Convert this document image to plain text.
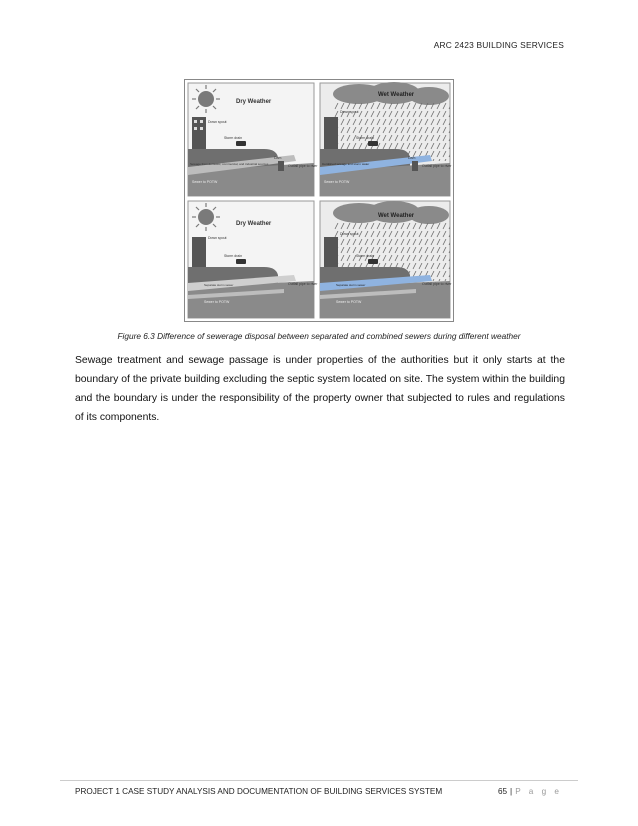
ARC 2423 BUILDING SERVICES
Dry Weather
Down spout
Storm drain
Sewage from domestic, commercial, and industrial sources
Dam
Outfall pipe to river
Sewer to POTW
Wet Weather
Down spout
Storm drain
Combined sewage and storm water
Dam
Outfall pipe to river
Sewer to POTW
Dry Weather
Down spout
Storm drain
Separate storm sewer	Outfall pipe to river
Sewer to POTW
Wet Weather
Down spout
Storm drain
Separate storm sewer	Outfall pipe to river
Sewer to POTW
Figure 6.3 Difference of sewerage disposal between separated and combined sewers during different weather
Sewage treatment and sewage passage is under properties of the authorities but it only starts at the boundary of the private building excluding the septic system located on site. The system within the building and the boundary is under the responsibility of the property owner that subjected to rules and regulations of its components.
PROJECT 1 CASE STUDY ANALYSIS AND DOCUMENTATION OF BUILDING SERVICES SYSTEM	65 | P a g e
